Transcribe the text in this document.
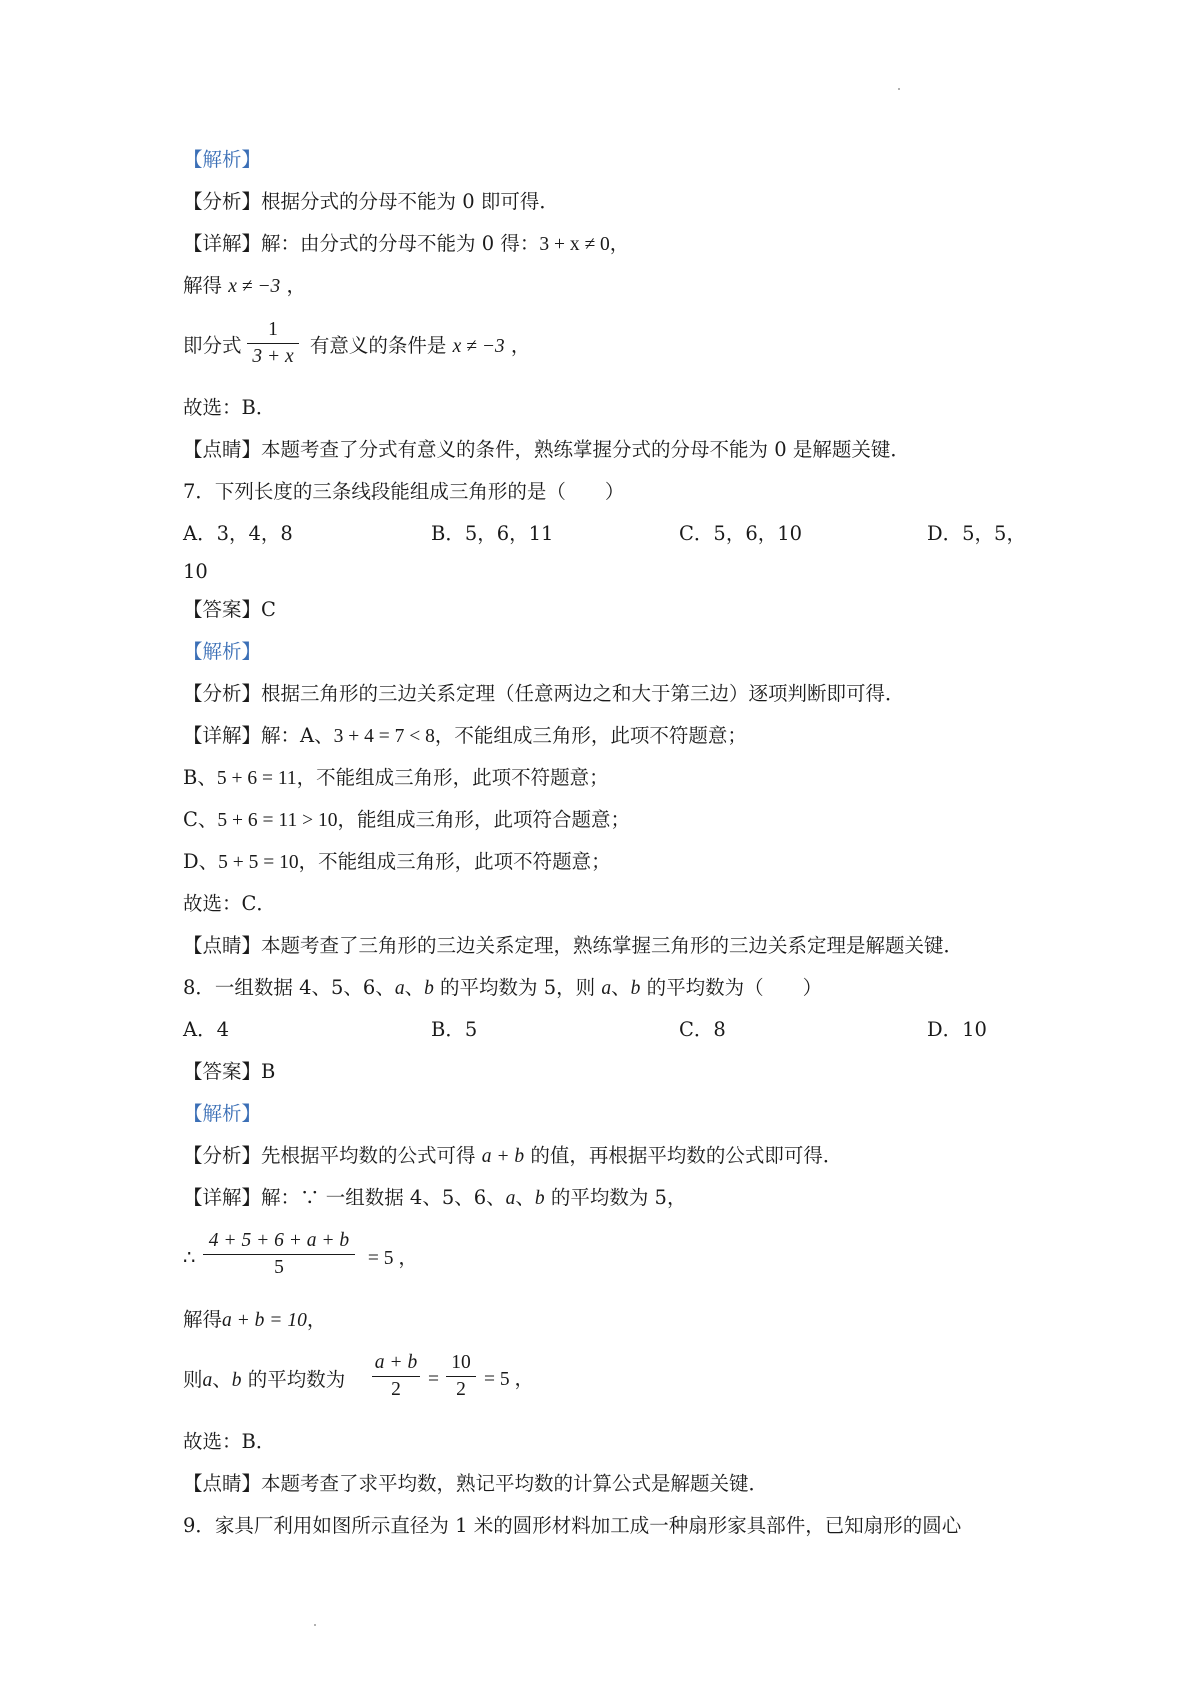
【解析】
【分析】根据分式的分母不能为 0 即可得．
【详解】解：由分式的分母不能为 0 得：3 + x ≠ 0，
解得 x ≠ −3 ，
即分式	有意义的条件是 x ≠ −3 ，
1
3 + x
故选：B．
【点睛】本题考查了分式有意义的条件，熟练掌握分式的分母不能为 0 是解题关键．
7．下列长度的三条线段能组成三角形的是（　　）
A．3，4，8	B．5，6，11	C．5，6，10	D．5，5，
10
【答案】C
【解析】
【分析】根据三角形的三边关系定理（任意两边之和大于第三边）逐项判断即可得．
【详解】解：A、3 + 4 = 7 < 8，不能组成三角形，此项不符题意；
B、5 + 6 = 11，不能组成三角形，此项不符题意；
C、5 + 6 = 11 > 10，能组成三角形，此项符合题意；
D、5 + 5 = 10，不能组成三角形，此项不符题意；
故选：C．
【点睛】本题考查了三角形的三边关系定理，熟练掌握三角形的三边关系定理是解题关键．
8．一组数据 4、5、6、a、b 的平均数为 5，则 a、b 的平均数为（　　）
A．4	B．5	C．8	D．10
【答案】B
【解析】
【分析】先根据平均数的公式可得 a + b 的值，再根据平均数的公式即可得．
【详解】解：∵ 一组数据 4、5、6、a、b 的平均数为 5，
∴	= 5 ，
4 + 5 + 6 + a + b
5
解得a + b = 10，
则a、b 的平均数为
a + b
2	=
10
2 = 5 ，
故选：B．
【点睛】本题考查了求平均数，熟记平均数的计算公式是解题关键．
9．家具厂利用如图所示直径为 1 米的圆形材料加工成一种扇形家具部件，已知扇形的圆心
